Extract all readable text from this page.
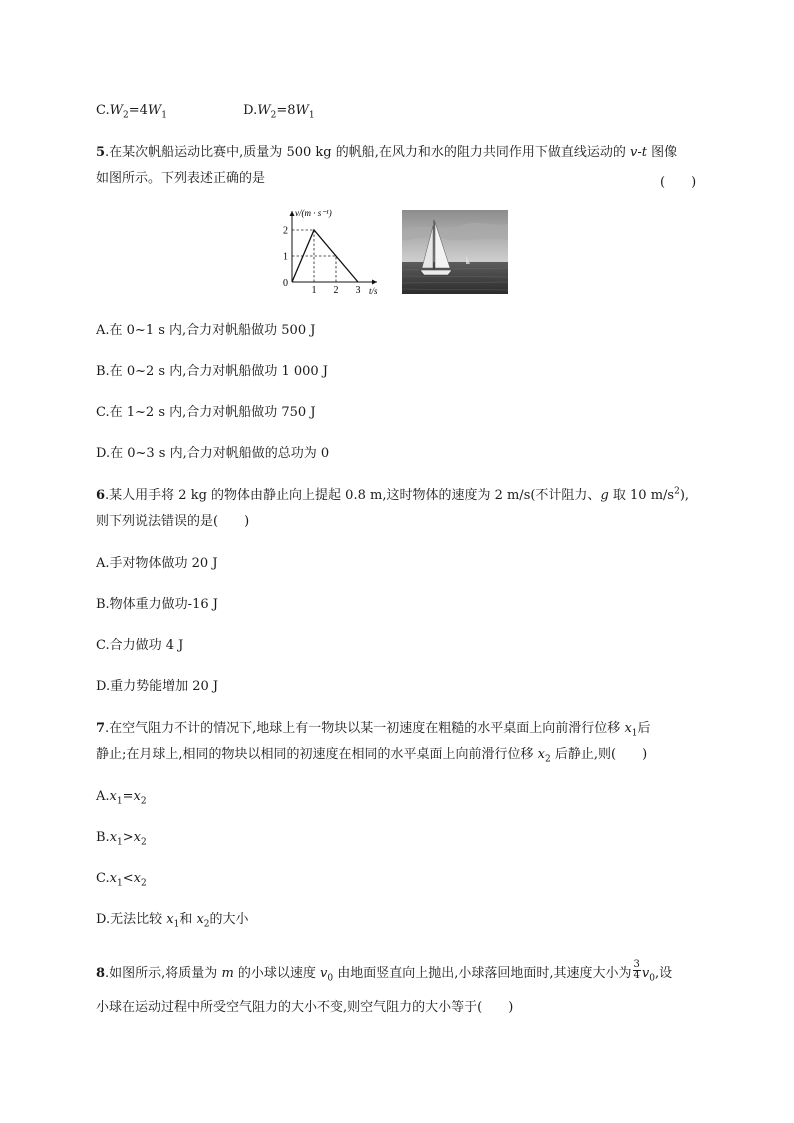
$C.W_2=4W_1$	$D.W_2=8W_1$
5.在某次帆船运动比赛中,质量为 500 kg 的帆船,在风力和水的阻力共同作用下做直线运动的 v-t 图像
如图所示。下列表述正确的是	(　　)
1 2 3
1
2
0
v/(m · s⁻¹)
t/s
A.在 0~1 s 内,合力对帆船做功 500 J
B.在 0~2 s 内,合力对帆船做功 1 000 J
C.在 1~2 s 内,合力对帆船做功 750 J
D.在 0~3 s 内,合力对帆船做的总功为 0
6.某人用手将 2 kg 的物体由静止向上提起 0.8 m,这时物体的速度为 2 m/s(不计阻力、g 取 10 $m/s^2$),
则下列说法错误的是(　　)
A.手对物体做功 20 J
B.物体重力做功-16 J
C.合力做功 4 J
D.重力势能增加 20 J
7.在空气阻力不计的情况下,地球上有一物块以某一初速度在粗糙的水平桌面上向前滑行位移 $x_1$后
静止;在月球上,相同的物块以相同的初速度在相同的水平桌面上向前滑行位移 $x_2$ 后静止,则(　　)
$A.x_1=x_2$
$B.x_1>x_2$
$C.x_1<x_2$
D.无法比较 $x_1$和 $x_2$的大小
8.如图所示,将质量为 m 的小球以速度 $v_0$ 由地面竖直向上抛出,小球落回地面时,其速度大小为 $\frac{3}{4} v_0$,设
小球在运动过程中所受空气阻力的大小不变,则空气阻力的大小等于(　　)
